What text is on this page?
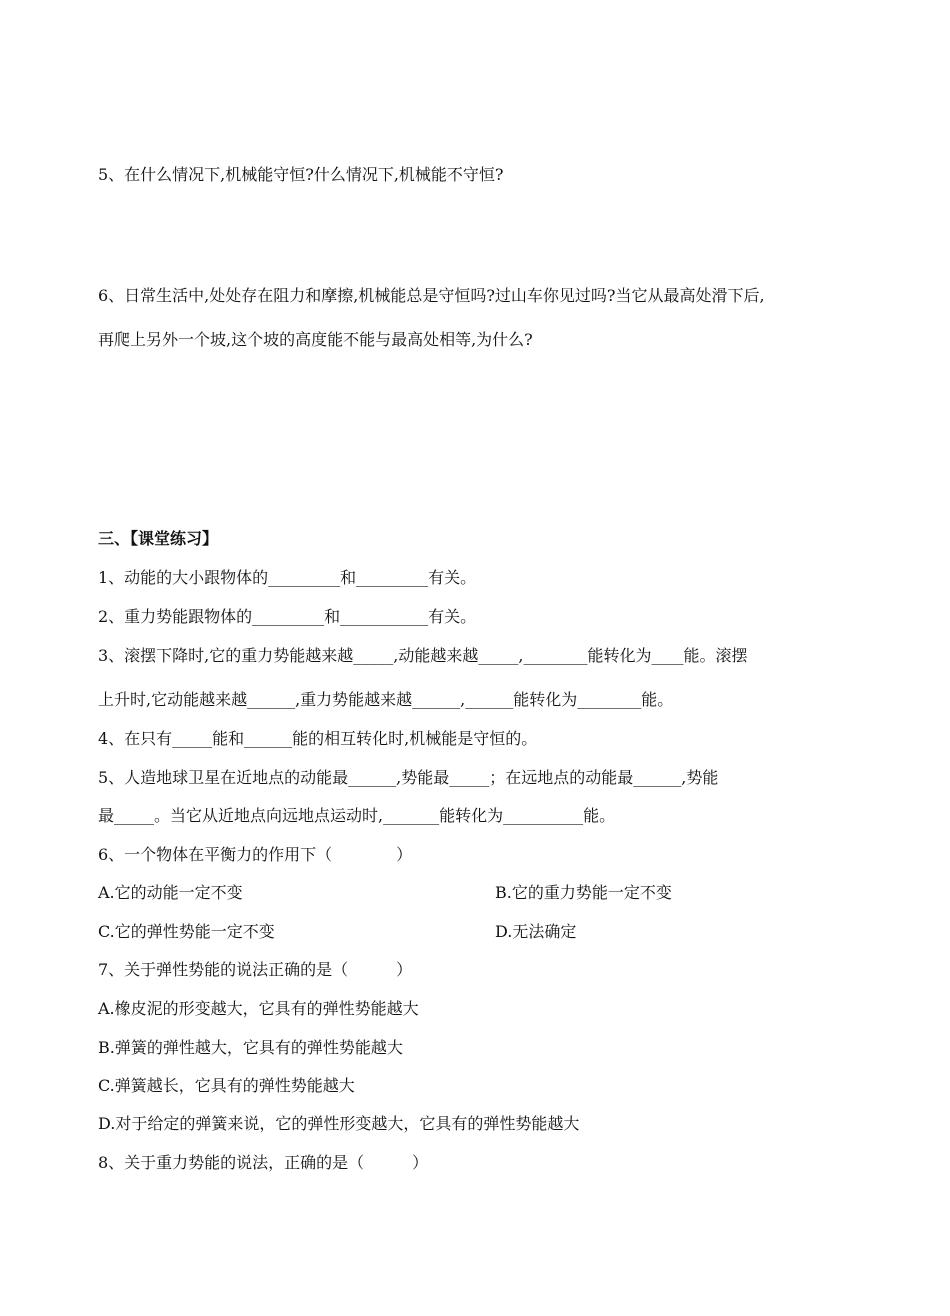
5、在什么情况下,机械能守恒?什么情况下,机械能不守恒?
6、日常生活中,处处存在阻力和摩擦,机械能总是守恒吗?过山车你见过吗?当它从最高处滑下后,
再爬上另外一个坡,这个坡的高度能不能与最高处相等,为什么?
三、【课堂练习】
1、动能的大小跟物体的_________和_________有关。
2、重力势能跟物体的_________和___________有关。
3、滚摆下降时,它的重力势能越来越_____,动能越来越_____,________能转化为____能。滚摆
上升时,它动能越来越______,重力势能越来越______,______能转化为________能。
4、在只有_____能和______能的相互转化时,机械能是守恒的。
5、人造地球卫星在近地点的动能最______,势能最_____；在远地点的动能最______,势能
最_____。当它从近地点向远地点运动时,_______能转化为__________能。
6、一个物体在平衡力的作用下（　　　　）
A.它的动能一定不变	B.它的重力势能一定不变
C.它的弹性势能一定不变	D.无法确定
7、关于弹性势能的说法正确的是（　　　）
A.橡皮泥的形变越大，它具有的弹性势能越大
B.弹簧的弹性越大，它具有的弹性势能越大
C.弹簧越长，它具有的弹性势能越大
D.对于给定的弹簧来说，它的弹性形变越大，它具有的弹性势能越大
8、关于重力势能的说法，正确的是（　　　）
